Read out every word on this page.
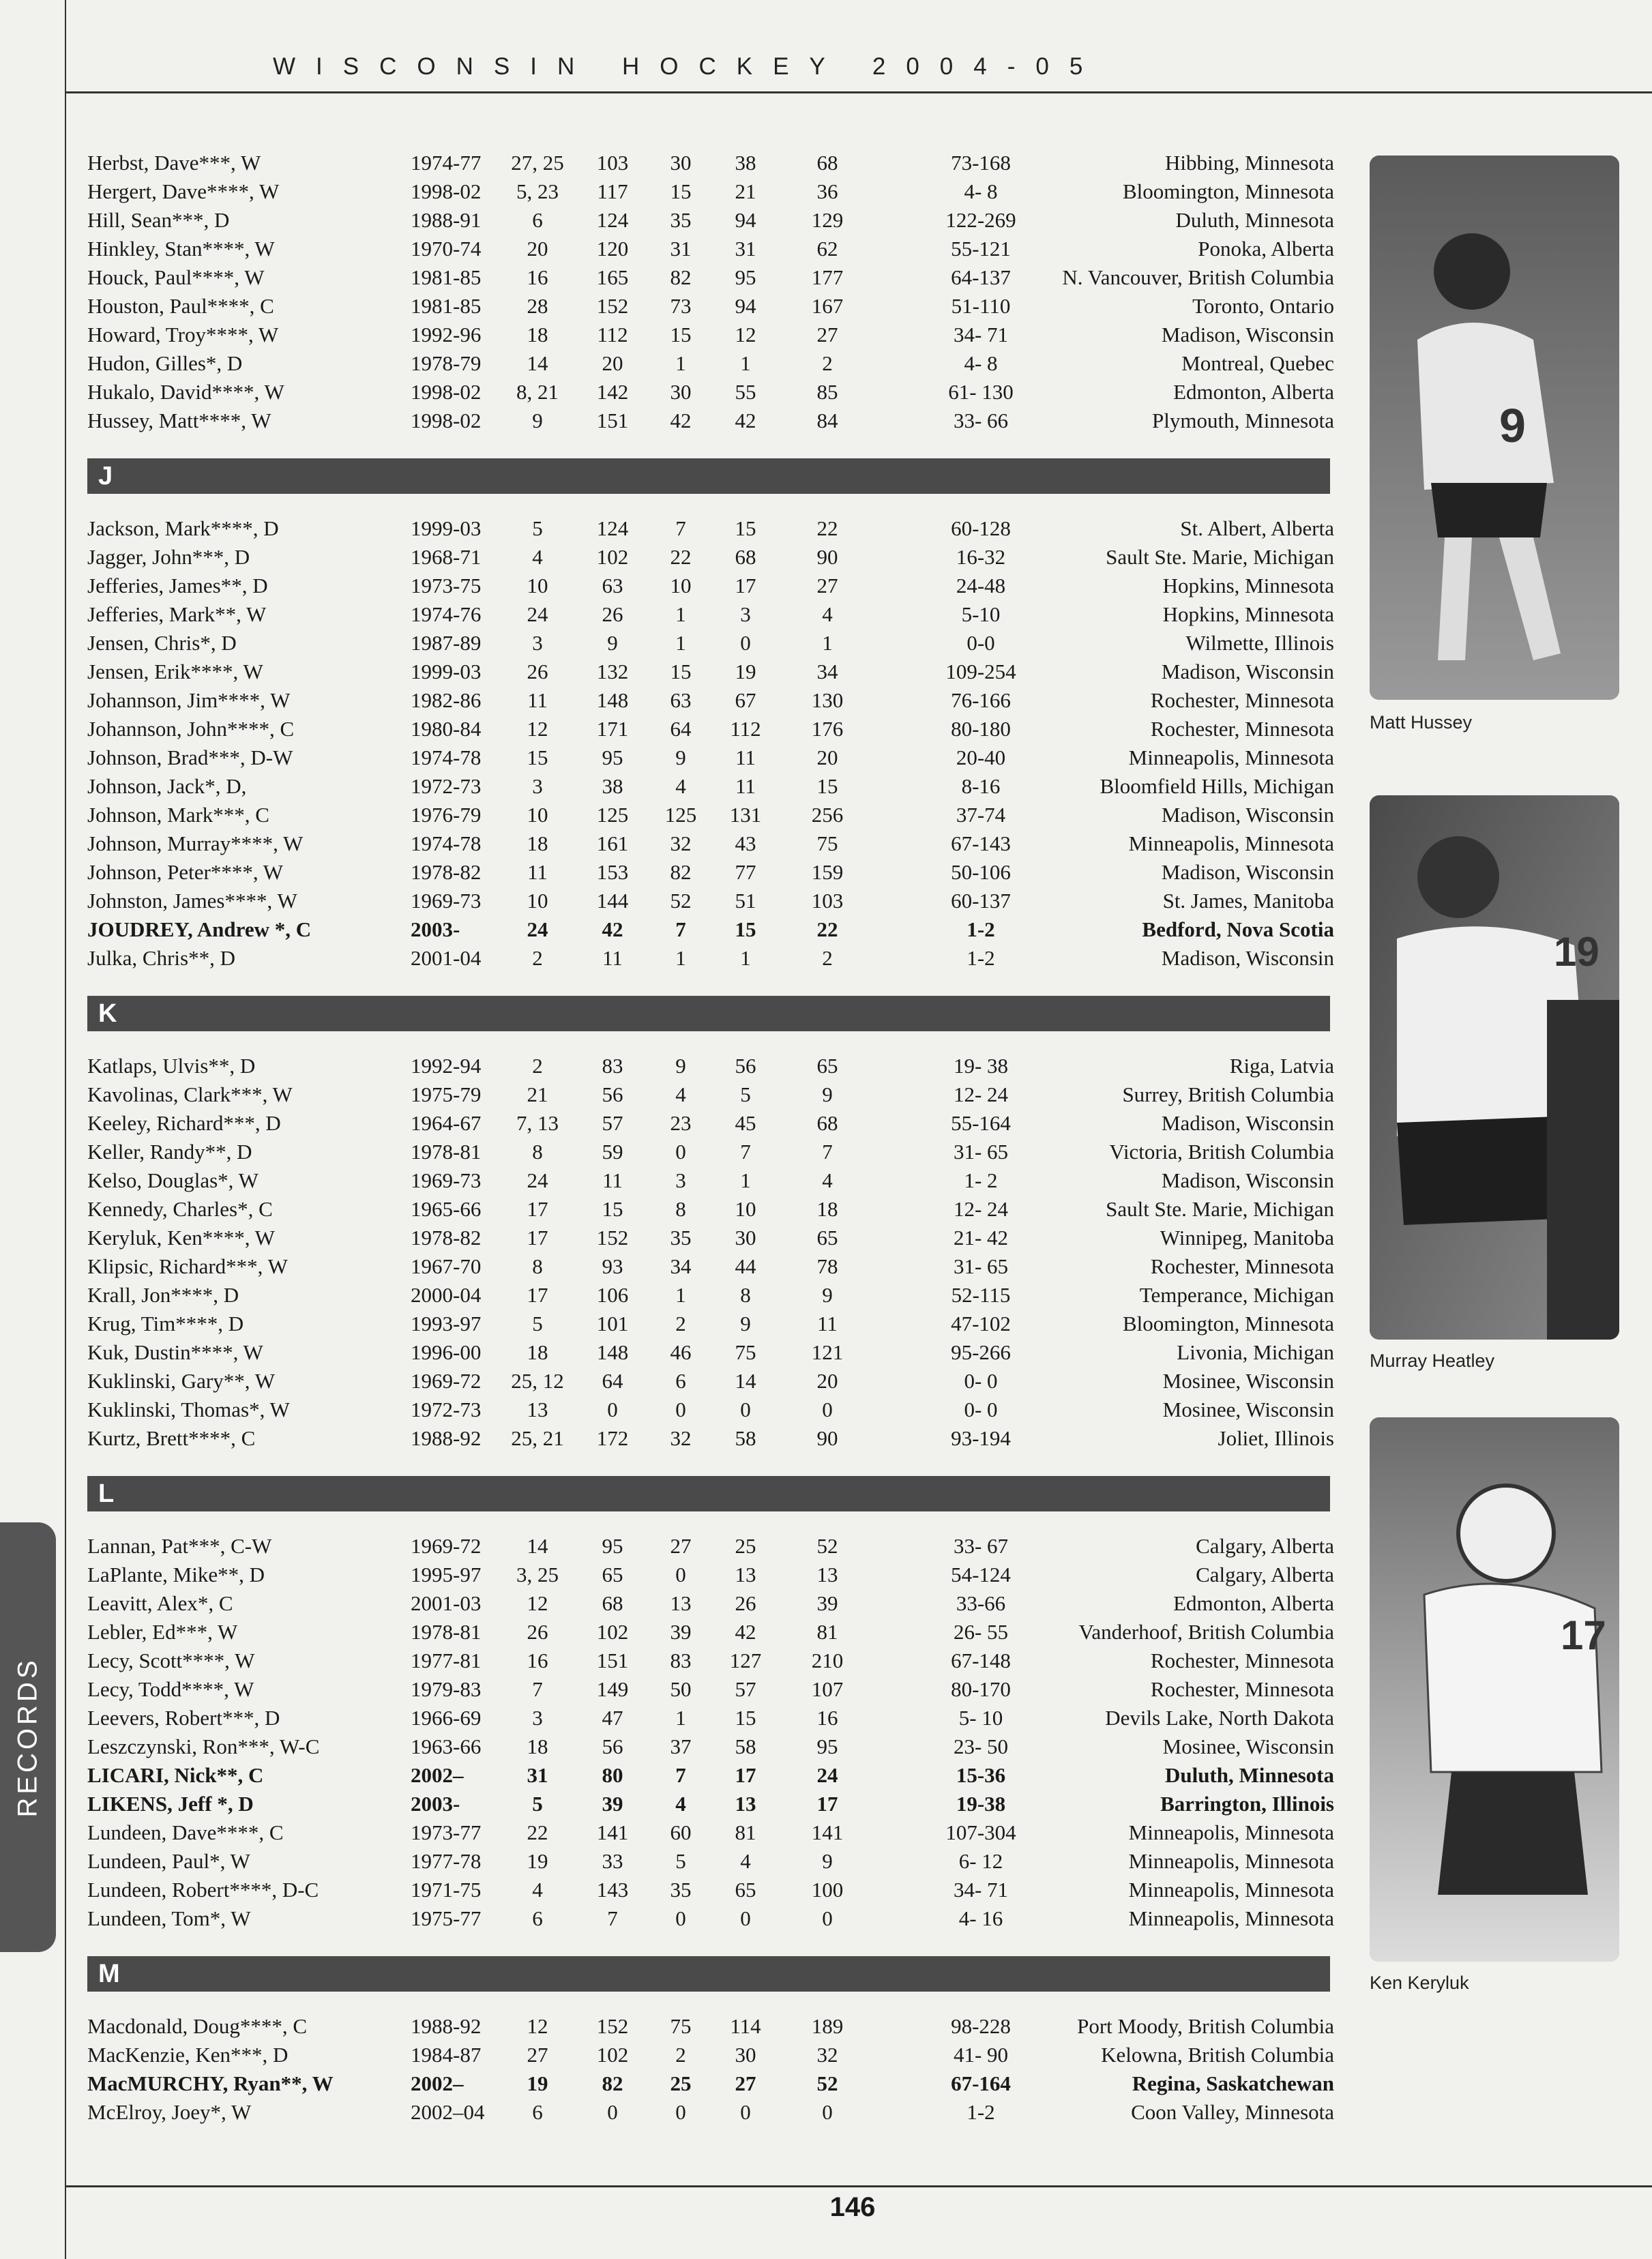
WISCONSIN HOCKEY 2004-05
Herbst, Dave***, W	1974-77	27, 25	103	30	38	68	73-168	Hibbing, Minnesota
Hergert, Dave****, W	1998-02	5, 23	117	15	21	36	4- 8	Bloomington, Minnesota
Hill, Sean***, D	1988-91	6	124	35	94	129	122-269	Duluth, Minnesota
Hinkley, Stan****, W	1970-74	20	120	31	31	62	55-121	Ponoka, Alberta
Houck, Paul****, W	1981-85	16	165	82	95	177	64-137	N. Vancouver, British Columbia
Houston, Paul****, C	1981-85	28	152	73	94	167	51-110	Toronto, Ontario
Howard, Troy****, W	1992-96	18	112	15	12	27	34- 71	Madison, Wisconsin
Hudon, Gilles*, D	1978-79	14	20	1	1	2	4- 8	Montreal, Quebec
Hukalo, David****, W	1998-02	8, 21	142	30	55	85	61- 130	Edmonton, Alberta
Hussey, Matt****, W	1998-02	9	151	42	42	84	33- 66	Plymouth, Minnesota
J
Jackson, Mark****, D	1999-03	5	124	7	15	22	60-128	St. Albert, Alberta
Jagger, John***, D	1968-71	4	102	22	68	90	16-32	Sault Ste. Marie, Michigan
Jefferies, James**, D	1973-75	10	63	10	17	27	24-48	Hopkins, Minnesota
Jefferies, Mark**, W	1974-76	24	26	1	3	4	5-10	Hopkins, Minnesota
Jensen, Chris*, D	1987-89	3	9	1	0	1	0-0	Wilmette, Illinois
Jensen, Erik****, W	1999-03	26	132	15	19	34	109-254	Madison, Wisconsin
Johannson, Jim****, W	1982-86	11	148	63	67	130	76-166	Rochester, Minnesota
Johannson, John****, C	1980-84	12	171	64	112	176	80-180	Rochester, Minnesota
Johnson, Brad***, D-W	1974-78	15	95	9	11	20	20-40	Minneapolis, Minnesota
Johnson, Jack*, D,	1972-73	3	38	4	11	15	8-16	Bloomfield Hills, Michigan
Johnson, Mark***, C	1976-79	10	125	125	131	256	37-74	Madison, Wisconsin
Johnson, Murray****, W	1974-78	18	161	32	43	75	67-143	Minneapolis, Minnesota
Johnson, Peter****, W	1978-82	11	153	82	77	159	50-106	Madison, Wisconsin
Johnston, James****, W	1969-73	10	144	52	51	103	60-137	St. James, Manitoba
JOUDREY, Andrew *, C	2003-	24	42	7	15	22	1-2	Bedford, Nova Scotia
Julka, Chris**, D	2001-04	2	11	1	1	2	1-2	Madison, Wisconsin
K
Katlaps, Ulvis**, D	1992-94	2	83	9	56	65	19- 38	Riga, Latvia
Kavolinas, Clark***, W	1975-79	21	56	4	5	9	12- 24	Surrey, British Columbia
Keeley, Richard***, D	1964-67	7, 13	57	23	45	68	55-164	Madison, Wisconsin
Keller, Randy**, D	1978-81	8	59	0	7	7	31- 65	Victoria, British Columbia
Kelso, Douglas*, W	1969-73	24	11	3	1	4	1- 2	Madison, Wisconsin
Kennedy, Charles*, C	1965-66	17	15	8	10	18	12- 24	Sault Ste. Marie, Michigan
Keryluk, Ken****, W	1978-82	17	152	35	30	65	21- 42	Winnipeg, Manitoba
Klipsic, Richard***, W	1967-70	8	93	34	44	78	31- 65	Rochester, Minnesota
Krall, Jon****, D	2000-04	17	106	1	8	9	52-115	Temperance, Michigan
Krug, Tim****, D	1993-97	5	101	2	9	11	47-102	Bloomington, Minnesota
Kuk, Dustin****, W	1996-00	18	148	46	75	121	95-266	Livonia, Michigan
Kuklinski, Gary**, W	1969-72	25, 12	64	6	14	20	0- 0	Mosinee, Wisconsin
Kuklinski, Thomas*, W	1972-73	13	0	0	0	0	0- 0	Mosinee, Wisconsin
Kurtz, Brett****, C	1988-92	25, 21	172	32	58	90	93-194	Joliet, Illinois
L
Lannan, Pat***, C-W	1969-72	14	95	27	25	52	33- 67	Calgary, Alberta
LaPlante, Mike**, D	1995-97	3, 25	65	0	13	13	54-124	Calgary, Alberta
Leavitt, Alex*, C	2001-03	12	68	13	26	39	33-66	Edmonton, Alberta
Lebler, Ed***, W	1978-81	26	102	39	42	81	26- 55	Vanderhoof, British Columbia
Lecy, Scott****, W	1977-81	16	151	83	127	210	67-148	Rochester, Minnesota
Lecy, Todd****, W	1979-83	7	149	50	57	107	80-170	Rochester, Minnesota
Leevers, Robert***, D	1966-69	3	47	1	15	16	5- 10	Devils Lake, North Dakota
Leszczynski, Ron***, W-C	1963-66	18	56	37	58	95	23- 50	Mosinee, Wisconsin
LICARI, Nick**, C	2002–	31	80	7	17	24	15-36	Duluth, Minnesota
LIKENS, Jeff *, D	2003-	5	39	4	13	17	19-38	Barrington, Illinois
Lundeen, Dave****, C	1973-77	22	141	60	81	141	107-304	Minneapolis, Minnesota
Lundeen, Paul*, W	1977-78	19	33	5	4	9	6- 12	Minneapolis, Minnesota
Lundeen, Robert****, D-C	1971-75	4	143	35	65	100	34- 71	Minneapolis, Minnesota
Lundeen, Tom*, W	1975-77	6	7	0	0	0	4- 16	Minneapolis, Minnesota
M
Macdonald, Doug****, C	1988-92	12	152	75	114	189	98-228	Port Moody, British Columbia
MacKenzie, Ken***, D	1984-87	27	102	2	30	32	41- 90	Kelowna, British Columbia
MacMURCHY, Ryan**, W	2002–	19	82	25	27	52	67-164	Regina, Saskatchewan
McElroy, Joey*, W	2002–04	6	0	0	0	0	1-2	Coon Valley, Minnesota
9
Matt Hussey
19
Murray Heatley
17
Ken Keryluk
RECORDS
146
